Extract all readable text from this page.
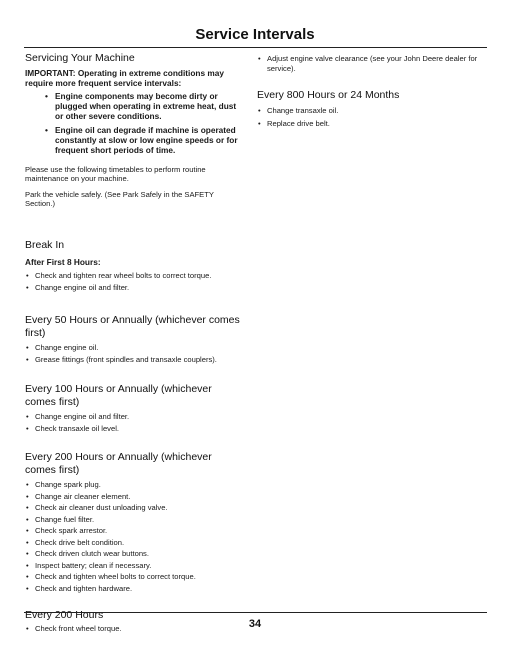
Service Intervals
Servicing Your Machine
IMPORTANT: Operating in extreme conditions may require more frequent service intervals:
• Engine components may become dirty or plugged when operating in extreme heat, dust or other severe conditions.
• Engine oil can degrade if machine is operated constantly at slow or low engine speeds or for frequent short periods of time.

Please use the following timetables to perform routine maintenance on your machine.

Park the vehicle safely. (See Park Safely in the SAFETY Section.)

Break In
After First 8 Hours:
• Check and tighten rear wheel bolts to correct torque.
• Change engine oil and filter.
Every 50 Hours or Annually (whichever comes first)
• Change engine oil.
• Grease fittings (front spindles and transaxle couplers).
Every 100 Hours or Annually (whichever comes first)
• Change engine oil and filter.
• Check transaxle oil level.
Every 200 Hours or Annually (whichever comes first)
• Change spark plug.
• Change air cleaner element.
• Check air cleaner dust unloading valve.
• Change fuel filter.
• Check spark arrestor.
• Check drive belt condition.
• Check driven clutch wear buttons.
• Inspect battery; clean if necessary.
• Check and tighten wheel bolts to correct torque.
• Check and tighten hardware.
Every 200 Hours
• Check front wheel torque.
• Adjust engine valve clearance (see your John Deere dealer for service).
Every 800 Hours or 24 Months
• Change transaxle oil.
• Replace drive belt.
34
